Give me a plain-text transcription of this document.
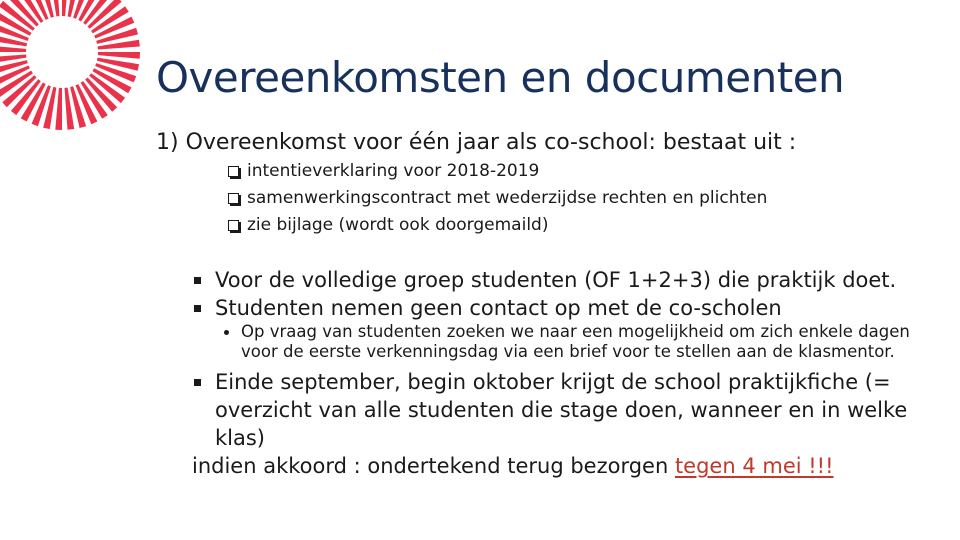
Overeenkomsten en documenten
1) Overeenkomst voor één jaar als co-school: bestaat uit :
intentieverklaring voor 2018-2019
samenwerkingscontract met wederzijdse rechten en plichten
zie bijlage (wordt ook doorgemaild)
Voor de volledige groep studenten (OF 1+2+3) die praktijk doet.
Studenten nemen geen contact op met de co-scholen
Op vraag van studenten zoeken we naar een mogelijkheid om zich enkele dagen voor de eerste verkenningsdag via een brief voor te stellen aan de klasmentor.
Einde september, begin oktober krijgt de school praktijkfiche (= overzicht van alle studenten die stage doen, wanneer en in welke klas)
indien akkoord : ondertekend terug bezorgen tegen 4 mei !!!
